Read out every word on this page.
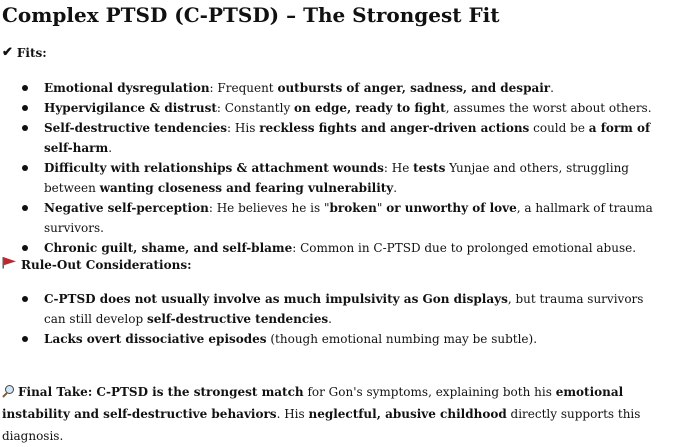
Complex PTSD (C-PTSD) – The Strongest Fit
✔ Fits:
Emotional dysregulation: Frequent outbursts of anger, sadness, and despair.
Hypervigilance & distrust: Constantly on edge, ready to fight, assumes the worst about others.
Self-destructive tendencies: His reckless fights and anger-driven actions could be a form of self-harm.
Difficulty with relationships & attachment wounds: He tests Yunjae and others, struggling between wanting closeness and fearing vulnerability.
Negative self-perception: He believes he is "broken" or unworthy of love, a hallmark of trauma survivors.
Chronic guilt, shame, and self-blame: Common in C-PTSD due to prolonged emotional abuse.
Rule-Out Considerations:
C-PTSD does not usually involve as much impulsivity as Gon displays, but trauma survivors can still develop self-destructive tendencies.
Lacks overt dissociative episodes (though emotional numbing may be subtle).
Final Take: C-PTSD is the strongest match for Gon's symptoms, explaining both his emotional instability and self-destructive behaviors. His neglectful, abusive childhood directly supports this diagnosis.
